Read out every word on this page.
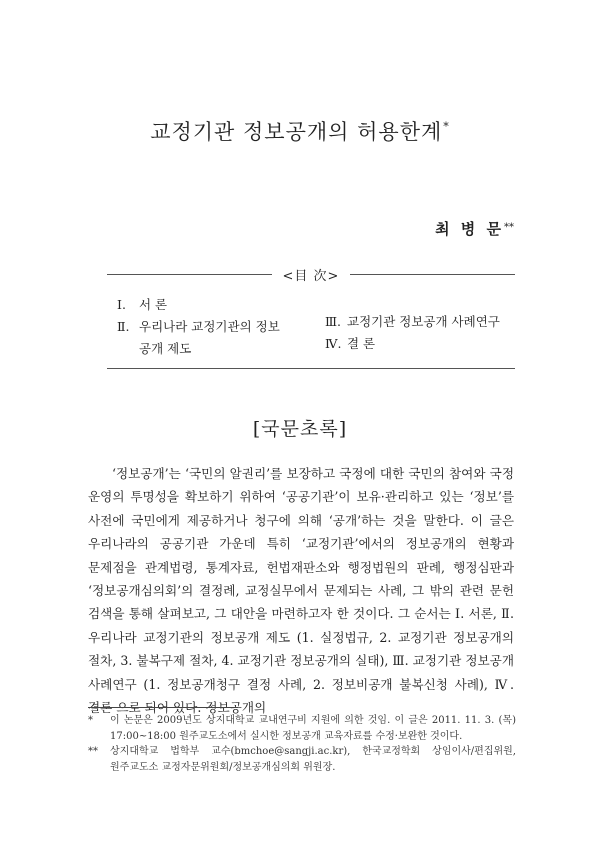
교정기관 정보공개의 허용한계*
최 병 문**
<目 次>
Ⅰ. 서 론
Ⅱ. 우리나라 교정기관의 정보
공개 제도
Ⅲ. 교정기관 정보공개 사례연구
Ⅳ. 결 론
[국문초록]
‘정보공개’는 ‘국민의 알권리’를 보장하고 국정에 대한 국민의 참여와 국정 운영의 투명성을 확보하기 위하여 ‘공공기관’이 보유·관리하고 있는 ‘정보’를 사전에 국민에게 제공하거나 청구에 의해 ‘공개’하는 것을 말한다. 이 글은 우리나라의 공공기관 가운데 특히 ‘교정기관’에서의 정보공개의 현황과 문제점을 관계법령, 통계자료, 헌법재판소와 행정법원의 판례, 행정심판과 ‘정보공개심의회’의 결정례, 교정실무에서 문제되는 사례, 그 밖의 관련 문헌 검색을 통해 살펴보고, 그 대안을 마련하고자 한 것이다. 그 순서는 Ⅰ. 서론, Ⅱ. 우리나라 교정기관의 정보공개 제도 (1. 실정법규, 2. 교정기관 정보공개의 절차, 3. 불복구제 절차, 4. 교정기관 정보공개의 실태), Ⅲ. 교정기관 정보공개 사례연구 (1. 정보공개청구 결정 사례, 2. 정보비공개 불복신청 사례), Ⅳ. 결론 으로 되어 있다. 정보공개의
*	이 논문은 2009년도 상지대학교 교내연구비 지원에 의한 것임. 이 글은 2011. 11. 3. (목) 17:00~18:00 원주교도소에서 실시한 정보공개 교육자료를 수정·보완한 것이다.
**	상지대학교 법학부 교수(bmchoe@sangji.ac.kr), 한국교정학회 상임이사/편집위원, 원주교도소 교정자문위원회/정보공개심의회 위원장.
